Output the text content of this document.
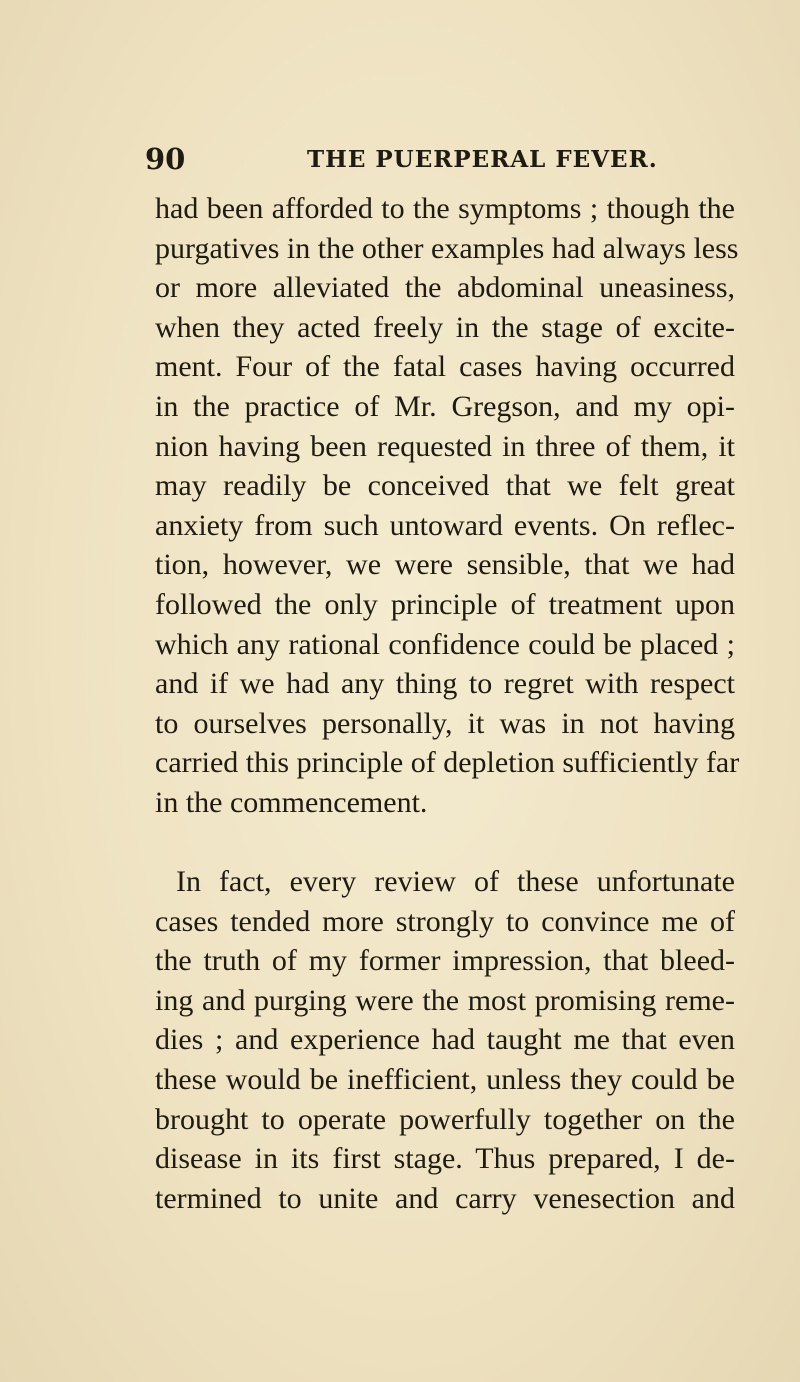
90	THE PUERPERAL FEVER.
had been afforded to the symptoms ; though the
purgatives in the other examples had always less
or more alleviated the abdominal uneasiness,
when they acted freely in the stage of excite-
ment. Four of the fatal cases having occurred
in the practice of Mr. Gregson, and my opi-
nion having been requested in three of them, it
may readily be conceived that we felt great
anxiety from such untoward events. On reflec-
tion, however, we were sensible, that we had
followed the only principle of treatment upon
which any rational confidence could be placed ;
and if we had any thing to regret with respect
to ourselves personally, it was in not having
carried this principle of depletion sufficiently far
in the commencement.
In fact, every review of these unfortunate
cases tended more strongly to convince me of
the truth of my former impression, that bleed-
ing and purging were the most promising reme-
dies ; and experience had taught me that even
these would be inefficient, unless they could be
brought to operate powerfully together on the
disease in its first stage. Thus prepared, I de-
termined to unite and carry venesection and
